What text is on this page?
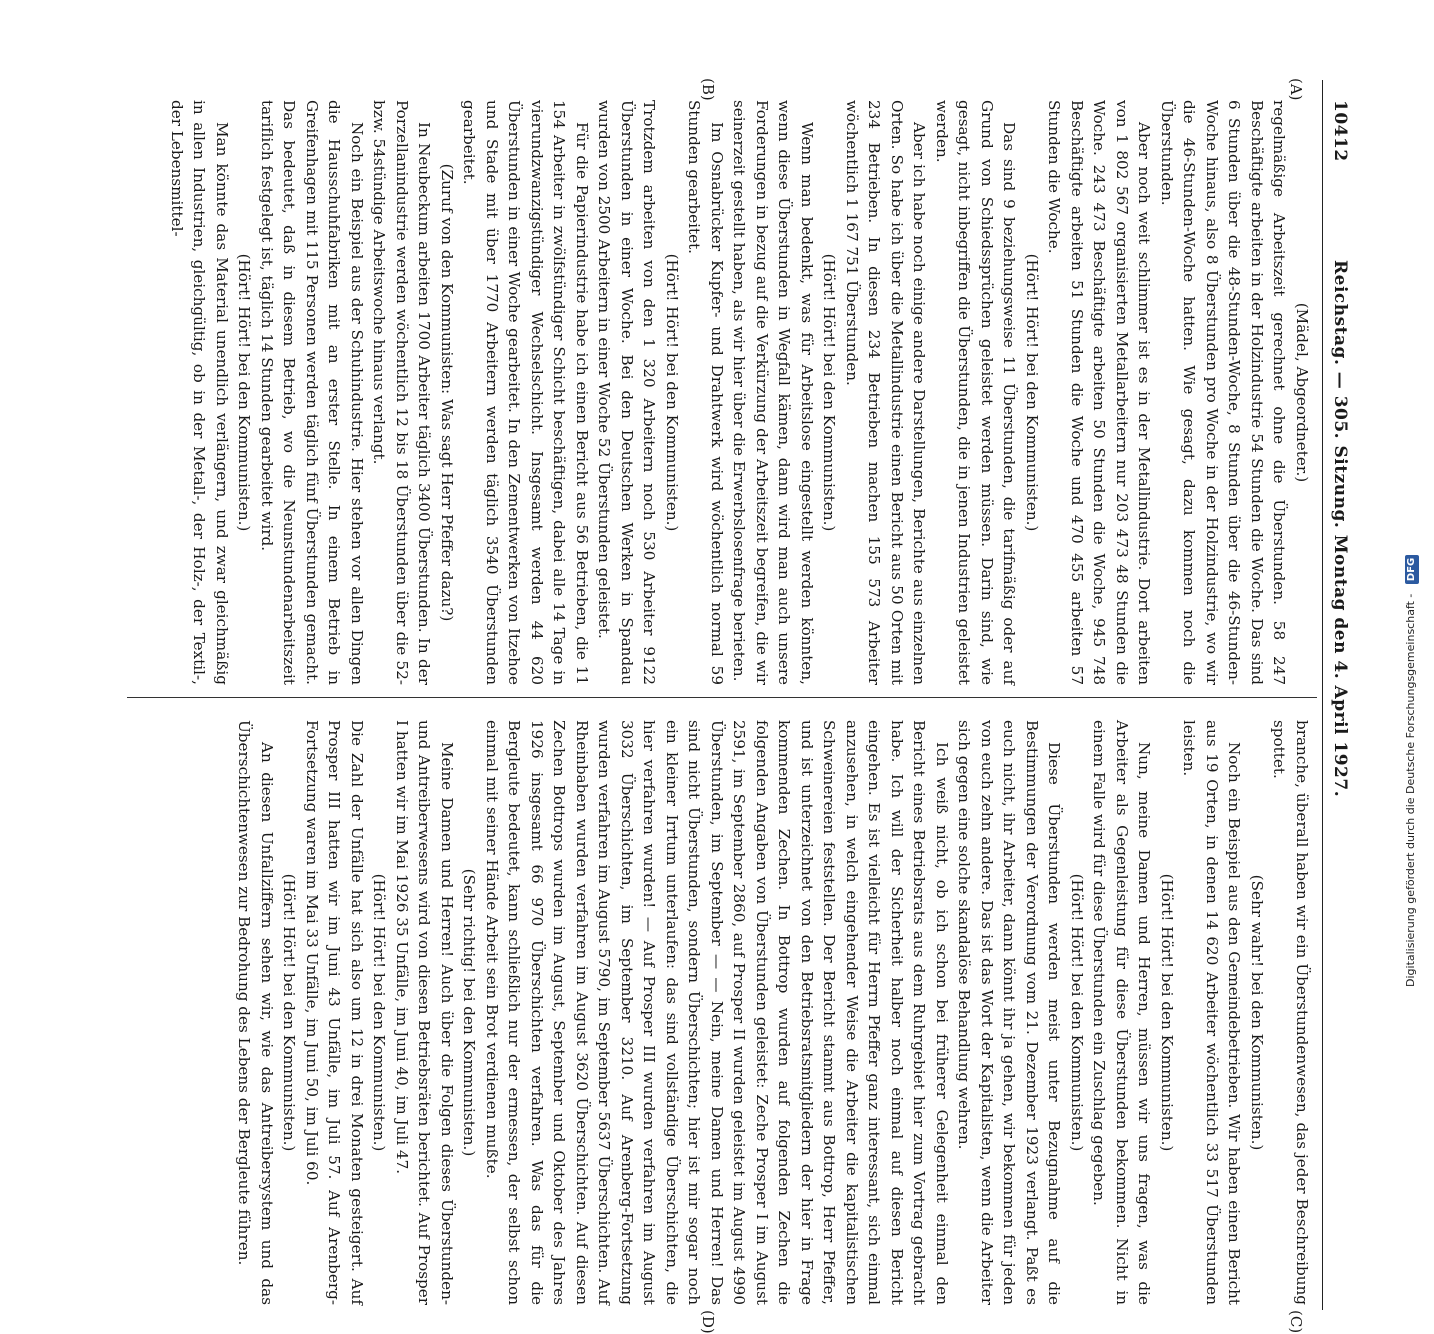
10412
Reichstag. — 305. Sitzung. Montag den 4. April 1927.
(A)
(B)
(C)
(D)

(Mädel, Abgeordneter.)

regelmäßige Arbeitszeit gerechnet ohne die Überstunden. 58 247 Beschäftigte arbeiten in der Holzindustrie 54 Stunden die Woche. Das sind 6 Stunden über die 48-Stunden-Woche, 8 Stunden über die 46-Stunden-Woche hinaus, also 8 Überstunden pro Woche in der Holzindustrie, wo wir die 46-Stunden-Woche hatten. Wie gesagt, dazu kommen noch die Überstunden.

Aber noch weit schlimmer ist es in der Metallindustrie. Dort arbeiten von 1 802 567 organisierten Metallarbeitern nur 203 473 48 Stunden die Woche. 243 473 Beschäftigte arbeiten 50 Stunden die Woche, 945 748 Beschäftigte arbeiten 51 Stunden die Woche und 470 455 arbeiten 57 Stunden die Woche.

(Hört! Hört! bei den Kommunisten.)

Das sind 9 beziehungsweise 11 Überstunden, die tarifmäßig oder auf Grund von Schiedssprüchen geleistet werden müssen. Darin sind, wie gesagt, nicht inbegriffen die Überstunden, die in jenen Industrien geleistet werden.

Aber ich habe noch einige andere Darstellungen, Berichte aus einzelnen Orten. So habe ich über die Metallindustrie einen Bericht aus 50 Orten mit 234 Betrieben. In diesen 234 Betrieben machen 155 573 Arbeiter wöchentlich 1 167 751 Überstunden.

(Hört! Hört! bei den Kommunisten.)

Wenn man bedenkt, was für Arbeitslose eingestellt werden könnten, wenn diese Überstunden in Wegfall kämen, dann wird man auch unsere Forderungen in bezug auf die Verkürzung der Arbeitszeit begreifen, die wir seinerzeit gestellt haben, als wir hier über die Erwerbslosenfrage berieten.

Im Osnabrücker Kupfer- und Drahtwerk wird wöchentlich normal 59 Stunden gearbeitet.

(Hört! Hört! bei den Kommunisten.)

Trotzdem arbeiten von den 1 320 Arbeitern noch 530 Arbeiter 9122 Überstunden in einer Woche. Bei den Deutschen Werken in Spandau wurden von 2500 Arbeitern in einer Woche 52 Überstunden geleistet.

Für die Papierindustrie habe ich einen Bericht aus 56 Betrieben, die 11 154 Arbeiter in zwölfstündiger Schicht beschäftigen, dabei alle 14 Tage in vierundzwanzigstündiger Wechselschicht. Insgesamt werden 44 620 Überstunden in einer Woche gearbeitet. In den Zementwerken von Itzehoe und Stade mit über 1770 Arbeitern werden täglich 3540 Überstunden gearbeitet.

(Zuruf von den Kommunisten: Was sagt Herr Pfeffer dazu?)

In Neubeckum arbeiten 1700 Arbeiter täglich 3400 Überstunden. In der Porzellanindustrie werden wöchentlich 12 bis 18 Überstunden über die 52- bzw. 54stündige Arbeitswoche hinaus verlangt.

Noch ein Beispiel aus der Schuhindustrie. Hier stehen vor allen Dingen die Hausschuhfabriken mit an erster Stelle. In einem Betrieb in Greifenhagen mit 115 Personen werden täglich fünf Überstunden gemacht. Das bedeutet, daß in diesem Betrieb, wo die Neunstundenarbeitszeit tariflich festgelegt ist, täglich 14 Stunden gearbeitet wird.

(Hört! Hört! bei den Kommunisten.)

Man könnte das Material unendlich verlängern, und zwar gleichmäßig in allen Industrien, gleichgültig, ob in der Metall-, der Holz-, der Textil-, der Lebensmittel-

branche, überall haben wir ein Überstundenwesen, das jeder Beschreibung spottet.

(Sehr wahr! bei den Kommunisten.)

Noch ein Beispiel aus den Gemeindebetrieben. Wir haben einen Bericht aus 19 Orten, in denen 14 620 Arbeiter wöchentlich 33 517 Überstunden leisten.

(Hört! Hört! bei den Kommunisten.)

Nun, meine Damen und Herren, müssen wir uns fragen, was die Arbeiter als Gegenleistung für diese Überstunden bekommen. Nicht in einem Falle wird für diese Überstunden ein Zuschlag gegeben.

(Hört! Hört! bei den Kommunisten.)

Diese Überstunden werden meist unter Bezugnahme auf die Bestimmungen der Verordnung vom 21. Dezember 1923 verlangt. Paßt es euch nicht, ihr Arbeiter, dann könnt ihr ja gehen, wir bekommen für jeden von euch zehn andere. Das ist das Wort der Kapitalisten, wenn die Arbeiter sich gegen eine solche skandalöse Behandlung wehren.

Ich weiß nicht, ob ich schon bei früherer Gelegenheit einmal den Bericht eines Betriebsrats aus dem Ruhrgebiet hier zum Vortrag gebracht habe. Ich will der Sicherheit halber noch einmal auf diesen Bericht eingehen. Es ist vielleicht für Herrn Pfeffer ganz interessant, sich einmal anzusehen, in welch eingehender Weise die Arbeiter die kapitalistischen Schweinereien feststellen. Der Bericht stammt aus Bottrop, Herr Pfeffer, und ist unterzeichnet von den Betriebsratsmitgliedern der hier in Frage kommenden Zechen. In Bottrop wurden auf folgenden Zechen die folgenden Angaben von Überstunden geleistet: Zeche Prosper I im August 2591, im September 2860, auf Prosper II wurden geleistet im August 4990 Überstunden, im September — — Nein, meine Damen und Herren! Das sind nicht Überstunden, sondern Überschichten; hier ist mir sogar noch ein kleiner Irrtum unterlaufen: das sind vollständige Überschichten, die hier verfahren wurden! — Auf Prosper III wurden verfahren im August 3032 Überschichten, im September 3210. Auf Arenberg-Fortsetzung wurden verfahren im August 5790, im September 5637 Überschichten. Auf Rheinbaben wurden verfahren im August 3620 Überschichten. Auf diesen Zechen Bottrops wurden im August, September und Oktober des Jahres 1926 insgesamt 66 970 Überschichten verfahren. Was das für die Bergleute bedeutet, kann schließlich nur der ermessen, der selbst schon einmal mit seiner Hände Arbeit sein Brot verdienen mußte.

(Sehr richtig! bei den Kommunisten.)

Meine Damen und Herren! Auch über die Folgen dieses Überstunden- und Antreiberwesens wird von diesen Betriebsräten berichtet. Auf Prosper I hatten wir im Mai 1926 35 Unfälle, im Juni 40, im Juli 47.

(Hört! Hört! bei den Kommunisten.)

Die Zahl der Unfälle hat sich also um 12 in drei Monaten gesteigert. Auf Prosper III hatten wir im Juni 43 Unfälle, im Juli 57. Auf Arenberg-Fortsetzung waren im Mai 33 Unfälle, im Juni 50, im Juli 60.

(Hört! Hört! bei den Kommunisten.)

An diesen Unfallziffern sehen wir, wie das Antreibersystem und das Überschichtenwesen zur Bedrohung des Lebens der Bergleute führen.	Digitalisierung gefördert durch die Deutsche Forschungsgemeinschaft - DFG
